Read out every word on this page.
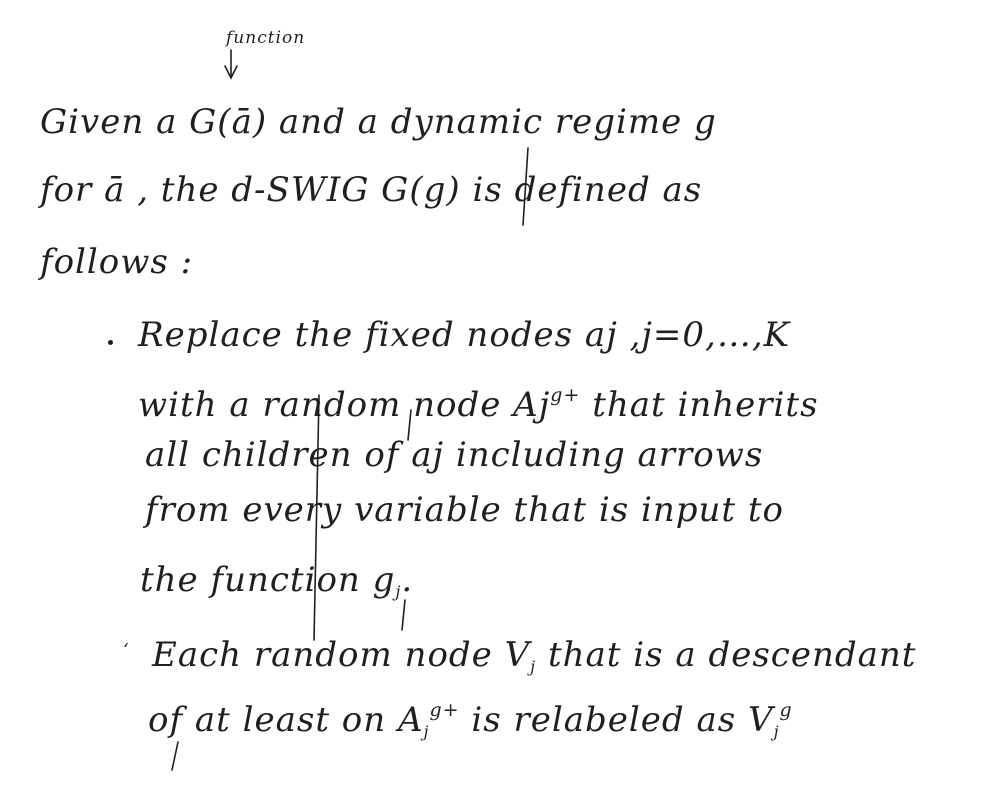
function
Given a G(ā) and a dynamic regime g
for ā , the d-SWIG G(g) is defined as
follows :
Replace the fixed nodes aj ,j=0,…,K
with a random node $Aj^{g+}$ that inherits
all children of aj including arrows
from every variable that is input to
the function gj.
ʻ Each random node Vj that is a descendant
of at least on $Aj^{g+}$ is relabeled as Vj$^g$
